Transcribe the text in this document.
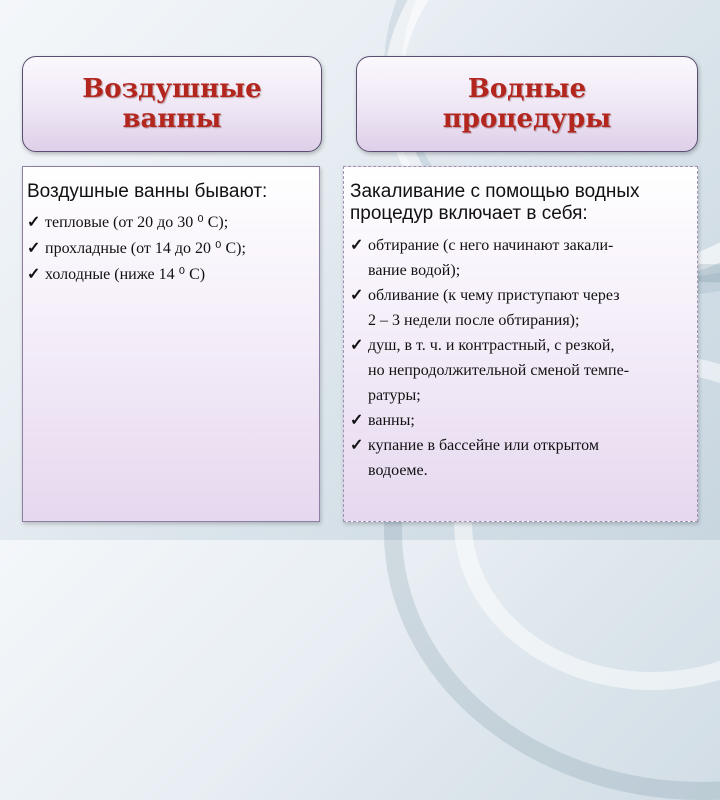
Воздушные
ванны
Водные
процедуры
Воздушные ванны бывают:
✓ тепловые (от 20 до 30 ⁰ С);
✓ прохладные (от 14 до 20 ⁰ С);
✓ холодные (ниже 14 ⁰ С)
Закаливание с помощью водных
процедур включает в себя:
✓ обтирание (с него начинают закали-
вание водой);
✓ обливание (к чему приступают через
2 – 3 недели после обтирания);
✓ душ, в т. ч. и контрастный, с резкой,
но непродолжительной сменой темпе-
ратуры;
✓ ванны;
✓ купание в бассейне или открытом
водоеме.
